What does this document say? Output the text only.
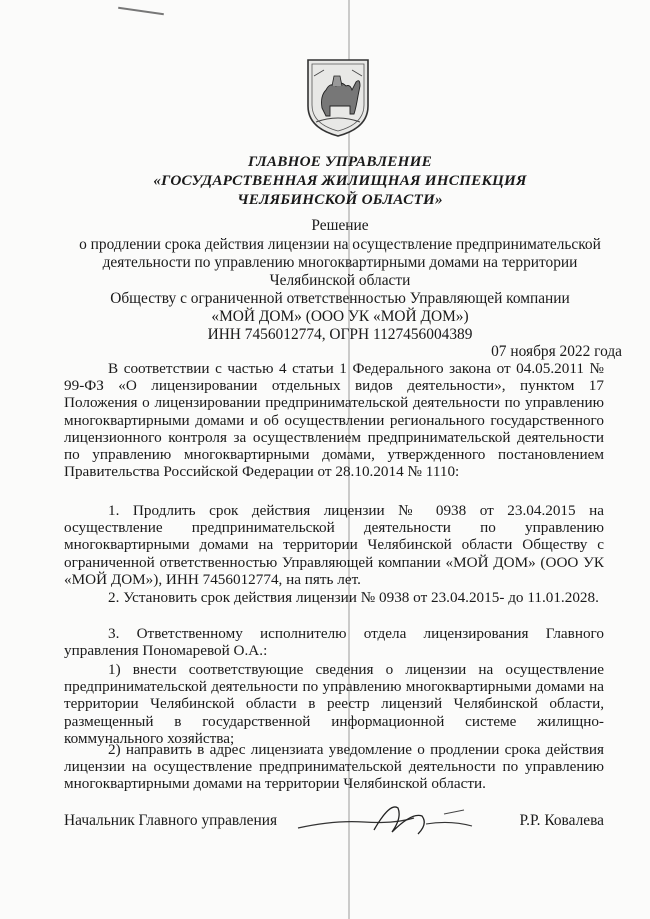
ГЛАВНОЕ УПРАВЛЕНИЕ
«ГОСУДАРСТВЕННАЯ ЖИЛИЩНАЯ ИНСПЕКЦИЯ
ЧЕЛЯБИНСКОЙ ОБЛАСТИ»
Решение
о продлении срока действия лицензии на осуществление предпринимательской
деятельности по управлению многоквартирными домами на территории
Челябинской области
Обществу с ограниченной ответственностью Управляющей компании
«МОЙ ДОМ» (ООО УК «МОЙ ДОМ»)
ИНН 7456012774, ОГРН 1127456004389
07 ноября 2022 года
В соответствии с частью 4 статьи 1 Федерального закона от 04.05.2011 № 99-ФЗ «О лицензировании отдельных видов деятельности», пунктом 17 Положения о лицензировании предпринимательской деятельности по управлению многоквартирными домами и об осуществлении регионального государственного лицензионного контроля за осуществлением предпринимательской деятельности по управлению многоквартирными домами, утвержденного постановлением Правительства Российской Федерации от 28.10.2014 № 1110:
1. Продлить срок действия лицензии № 0938 от 23.04.2015 на осуществление предпринимательской деятельности по управлению многоквартирными домами на территории Челябинской области Обществу с ограниченной ответственностью Управляющей компании «МОЙ ДОМ» (ООО УК «МОЙ ДОМ»), ИНН 7456012774, на пять лет.
2. Установить срок действия лицензии № 0938 от 23.04.2015- до 11.01.2028.
3. Ответственному исполнителю отдела лицензирования Главного управления Пономаревой О.А.:
1) внести соответствующие сведения о лицензии на осуществление предпринимательской деятельности по управлению многоквартирными домами на территории Челябинской области в реестр лицензий Челябинской области, размещенный в государственной информационной системе жилищно-коммунального хозяйства;
2) направить в адрес лицензиата уведомление о продлении срока действия лицензии на осуществление предпринимательской деятельности по управлению многоквартирными домами на территории Челябинской области.
Начальник Главного управления	Р.Р. Ковалева
